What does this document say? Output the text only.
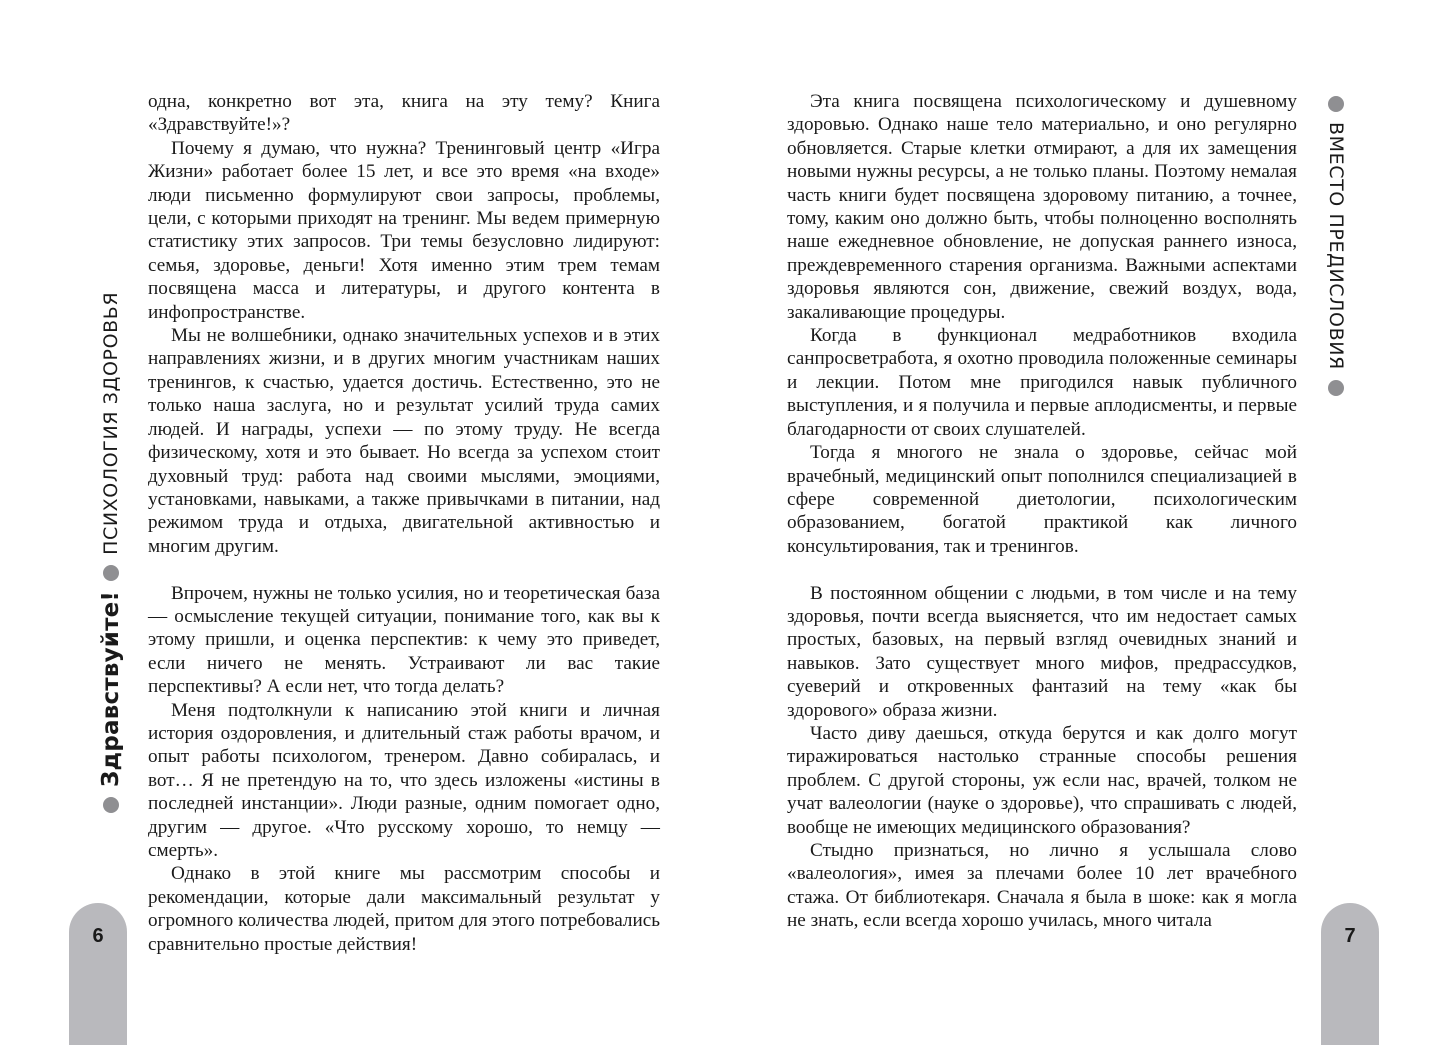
Здравствуйте!
ПСИХОЛОГИЯ ЗДОРОВЬЯ

одна, конкретно вот эта, книга на эту тему? Книга «Здравствуйте!»?

Почему я думаю, что нужна? Тренинговый центр «Игра Жизни» работает более 15 лет, и все это время «на входе» люди письменно формулируют свои запросы, проблемы, цели, с которыми приходят на тренинг. Мы ведем примерную статистику этих запросов. Три темы безусловно лидируют: семья, здоровье, деньги! Хотя именно этим трем темам посвящена масса и литературы, и другого контента в инфопространстве.

Мы не волшебники, однако значительных успехов и в этих направлениях жизни, и в других многим участникам наших тренингов, к счастью, удается достичь. Естественно, это не только наша заслуга, но и результат усилий труда самих людей. И награды, успехи — по этому труду. Не всегда физическому, хотя и это бывает. Но всегда за успехом стоит духовный труд: работа над своими мыслями, эмоциями, установками, навыками, а также привычками в питании, над режимом труда и отдыха, двигательной активностью и многим другим.

Впрочем, нужны не только усилия, но и теоретическая база — осмысление текущей ситуации, понимание того, как вы к этому пришли, и оценка перспектив: к чему это приведет, если ничего не менять. Устраивают ли вас такие перспективы? А если нет, что тогда делать?

Меня подтолкнули к написанию этой книги и личная история оздоровления, и длительный стаж работы врачом, и опыт работы психологом, тренером. Давно собиралась, и вот… Я не претендую на то, что здесь изложены «истины в последней инстанции». Люди разные, одним помогает одно, другим — другое. «Что русскому хорошо, то немцу — смерть».

Однако в этой книге мы рассмотрим способы и рекомендации, которые дали максимальный результат у огромного количества людей, притом для этого потребовались сравнительно простые действия!

6
ВМЕСТО ПРЕДИСЛОВИЯ

Эта книга посвящена психологическому и душевному здоровью. Однако наше тело материально, и оно регулярно обновляется. Старые клетки отмирают, а для их замещения новыми нужны ресурсы, а не только планы. Поэтому немалая часть книги будет посвящена здоровому питанию, а точнее, тому, каким оно должно быть, чтобы полноценно восполнять наше ежедневное обновление, не допуская раннего износа, преждевременного старения организма. Важными аспектами здоровья являются сон, движение, свежий воздух, вода, закаливающие процедуры.

Когда в функционал медработников входила санпросветработа, я охотно проводила положенные семинары и лекции. Потом мне пригодился навык публичного выступления, и я получила и первые аплодисменты, и первые благодарности от своих слушателей.

Тогда я многого не знала о здоровье, сейчас мой врачебный, медицинский опыт пополнился специализацией в сфере современной диетологии, психологическим образованием, богатой практикой как личного консультирования, так и тренингов.

В постоянном общении с людьми, в том числе и на тему здоровья, почти всегда выясняется, что им недостает самых простых, базовых, на первый взгляд очевидных знаний и навыков. Зато существует много мифов, предрассудков, суеверий и откровенных фантазий на тему «как бы здорового» образа жизни.

Часто диву даешься, откуда берутся и как долго могут тиражироваться настолько странные способы решения проблем. С другой стороны, уж если нас, врачей, толком не учат валеологии (науке о здоровье), что спрашивать с людей, вообще не имеющих медицинского образования?

Стыдно признаться, но лично я услышала слово «валеология», имея за плечами более 10 лет врачебного стажа. От библиотекаря. Сначала я была в шоке: как я могла не знать, если всегда хорошо училась, много читала

7
